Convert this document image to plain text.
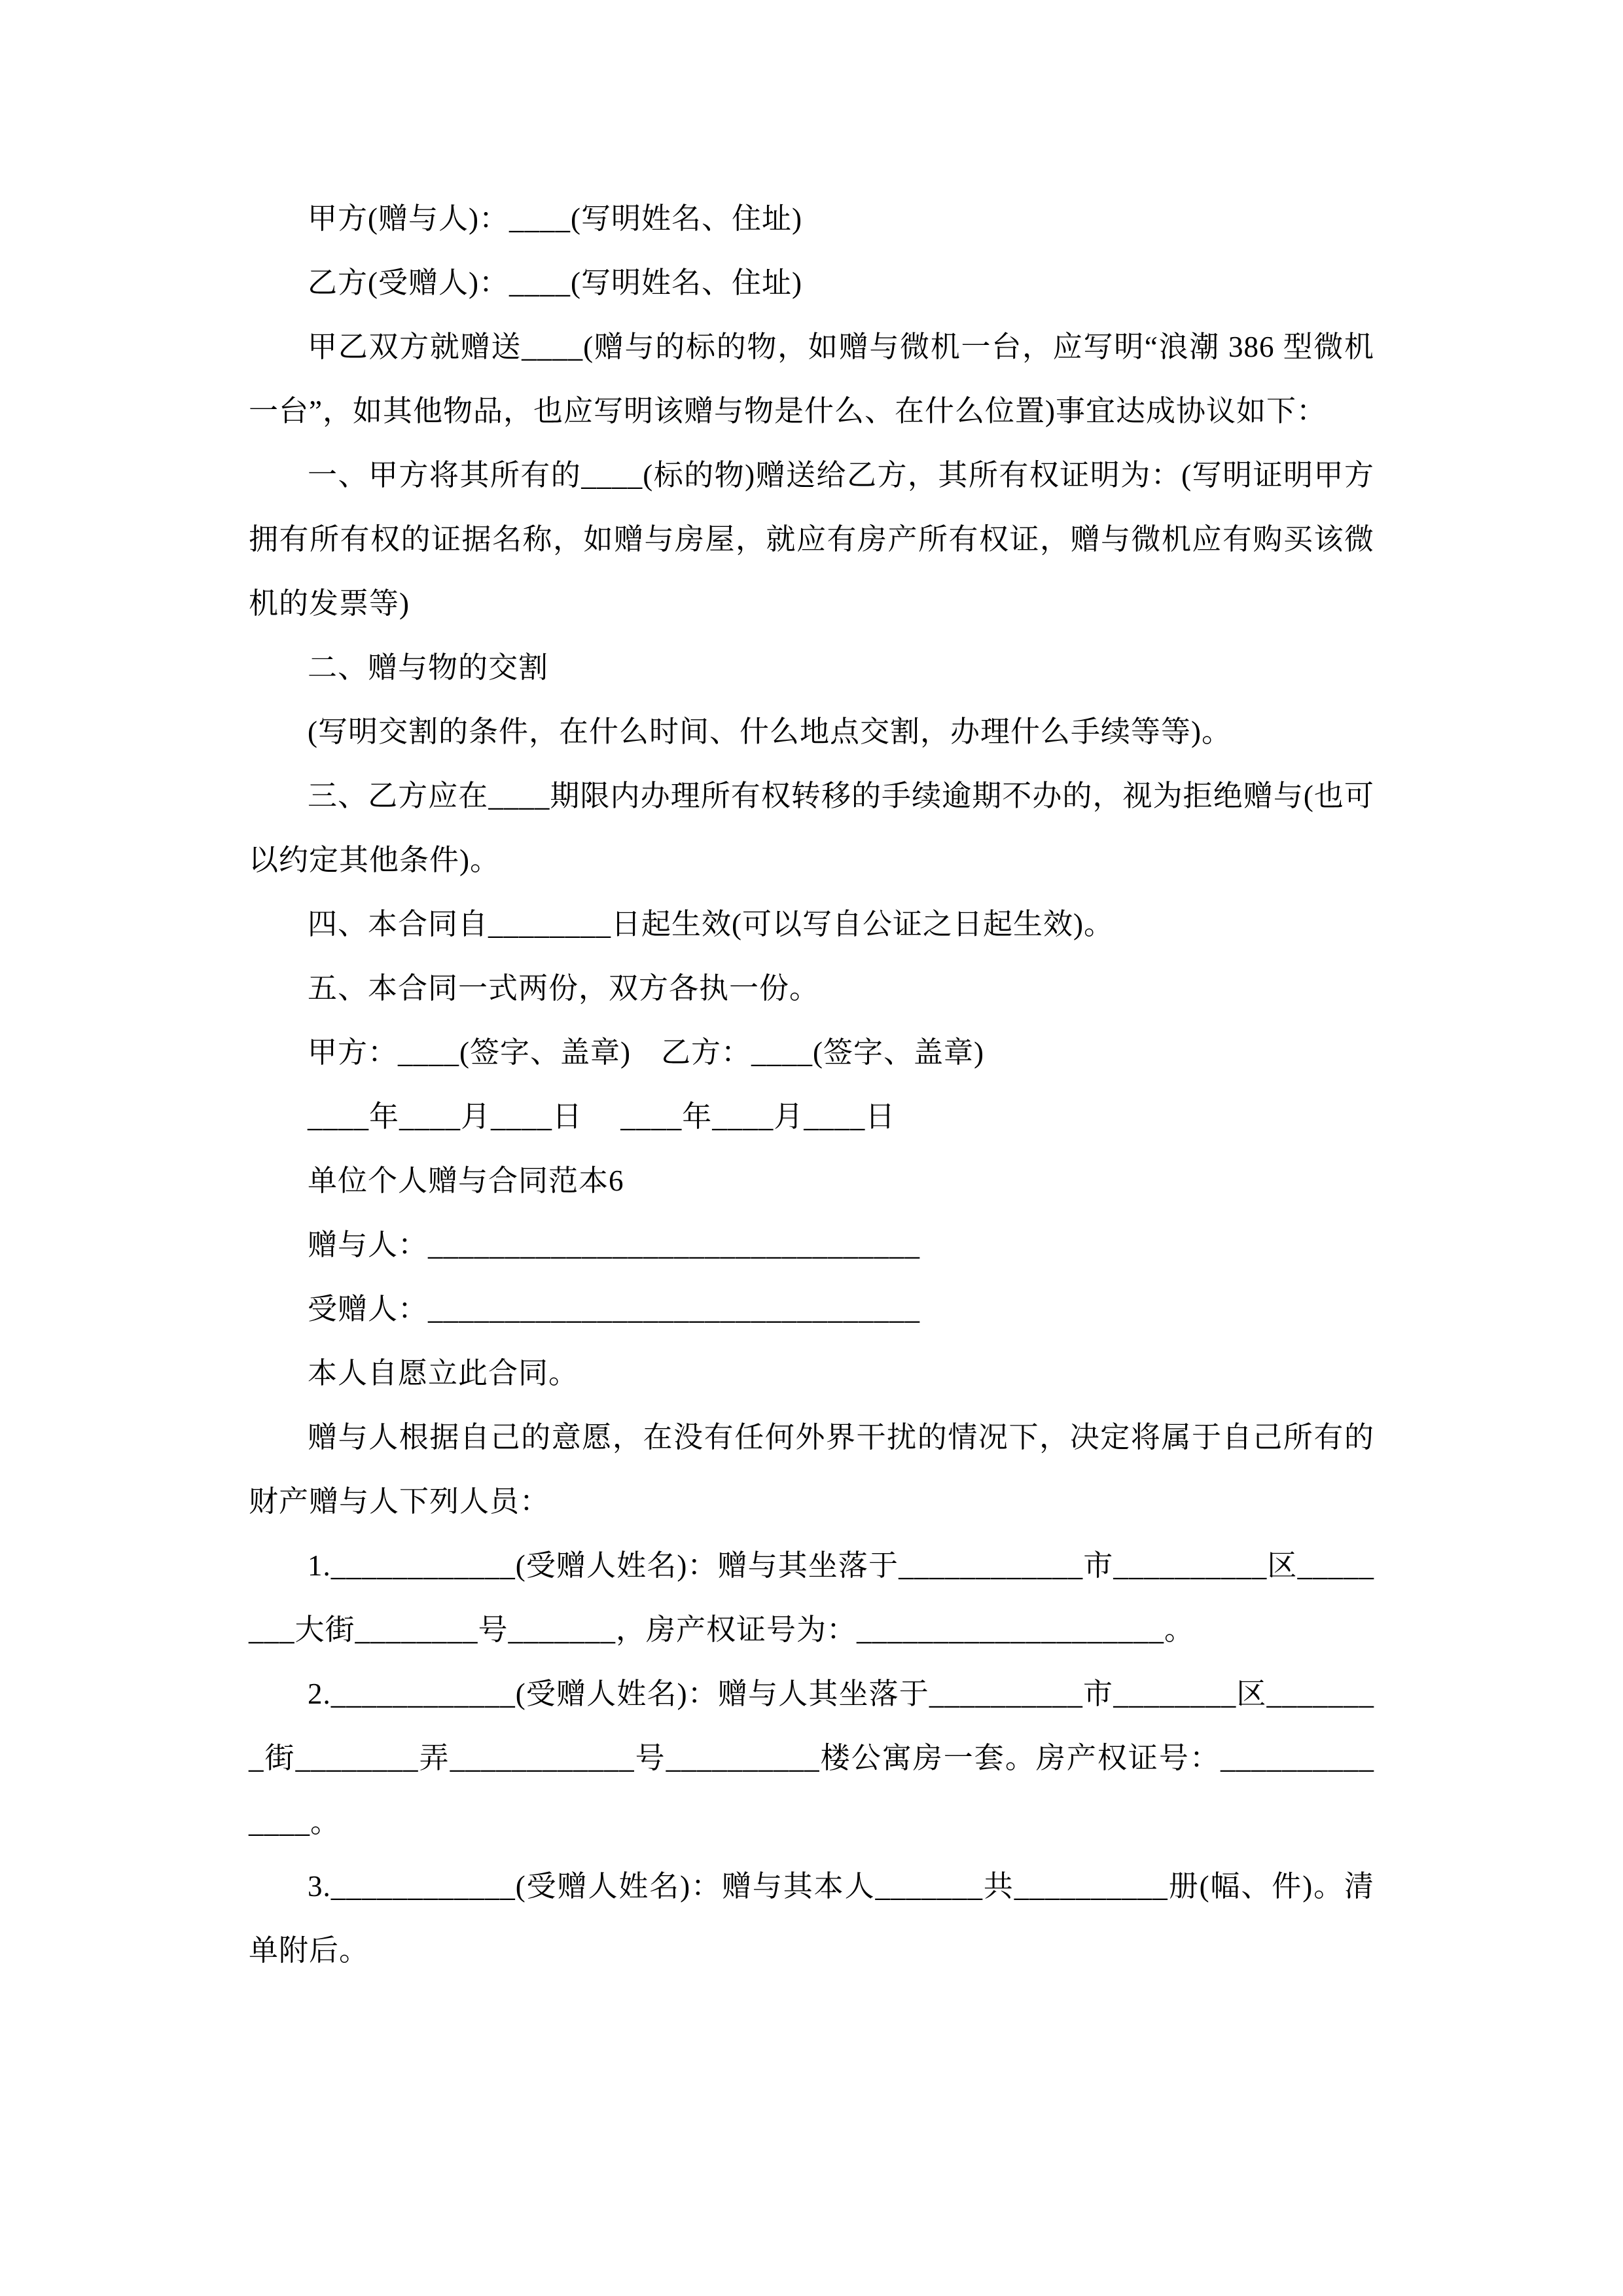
甲方(赠与人)：____(写明姓名、住址)

乙方(受赠人)：____(写明姓名、住址)

甲乙双方就赠送____(赠与的标的物，如赠与微机一台，应写明“浪潮 386 型微机一台”，如其他物品，也应写明该赠与物是什么、在什么位置)事宜达成协议如下：

一、甲方将其所有的____(标的物)赠送给乙方，其所有权证明为：(写明证明甲方拥有所有权的证据名称，如赠与房屋，就应有房产所有权证，赠与微机应有购买该微机的发票等)

二、赠与物的交割

(写明交割的条件，在什么时间、什么地点交割，办理什么手续等等)。

三、乙方应在____期限内办理所有权转移的手续逾期不办的，视为拒绝赠与(也可以约定其他条件)。

四、本合同自________日起生效(可以写自公证之日起生效)。

五、本合同一式两份，双方各执一份。

甲方：____(签字、盖章)　乙方：____(签字、盖章)

____年____月____日　 ____年____月____日

单位个人赠与合同范本6

赠与人：________________________________

受赠人：________________________________

本人自愿立此合同。

赠与人根据自己的意愿，在没有任何外界干扰的情况下，决定将属于自己所有的财产赠与人下列人员：

1.____________(受赠人姓名)：赠与其坐落于____________市__________区________大街________号_______，房产权证号为：____________________。

2.____________(受赠人姓名)：赠与人其坐落于__________市________区________街________弄____________号__________楼公寓房一套。房产权证号：______________。

3.____________(受赠人姓名)：赠与其本人_______共__________册(幅、件)。清单附后。
